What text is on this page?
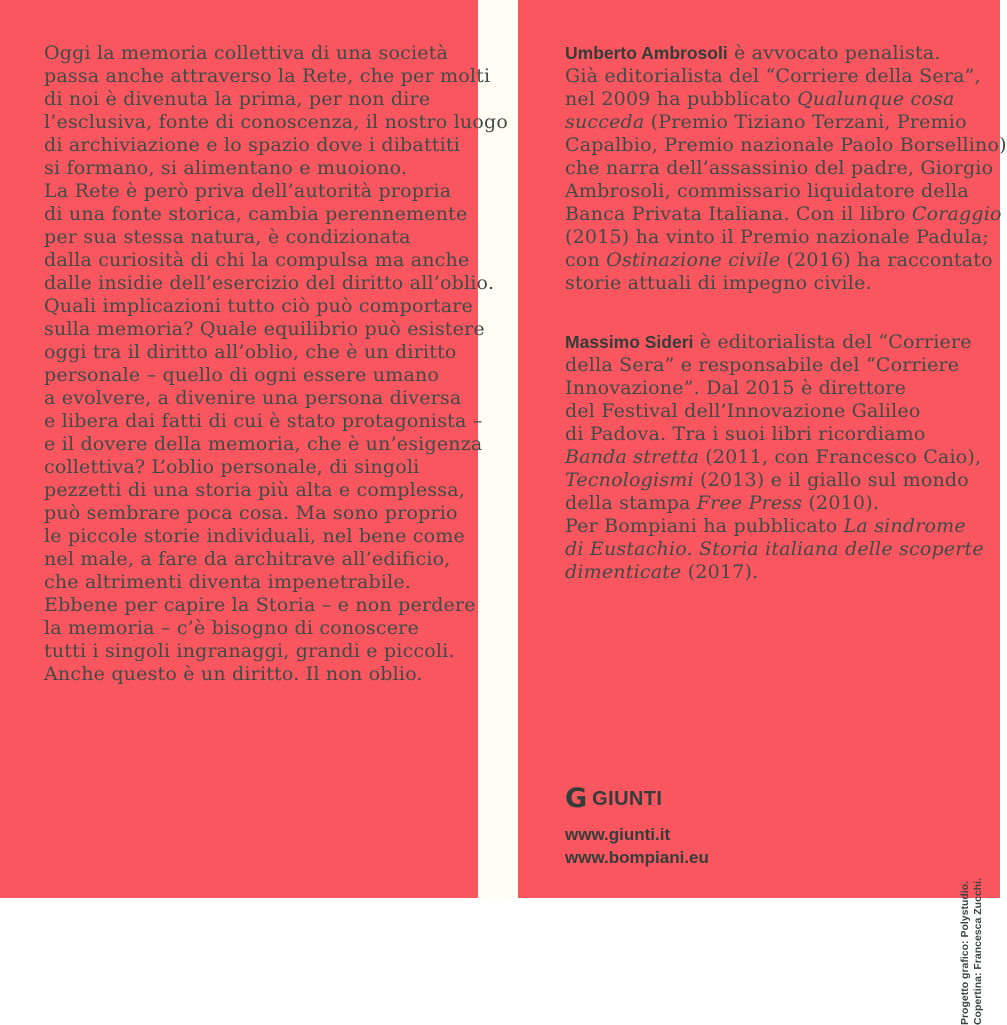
Oggi la memoria collettiva di una società
passa anche attraverso la Rete, che per molti
di noi è divenuta la prima, per non dire
l’esclusiva, fonte di conoscenza, il nostro luogo
di archiviazione e lo spazio dove i dibattiti
si formano, si alimentano e muoiono.
La Rete è però priva dell’autorità propria
di una fonte storica, cambia perennemente
per sua stessa natura, è condizionata
dalla curiosità di chi la compulsa ma anche
dalle insidie dell’esercizio del diritto all’oblio.
Quali implicazioni tutto ciò può comportare
sulla memoria? Quale equilibrio può esistere
oggi tra il diritto all’oblio, che è un diritto
personale – quello di ogni essere umano
a evolvere, a divenire una persona diversa
e libera dai fatti di cui è stato protagonista –
e il dovere della memoria, che è un’esigenza
collettiva? L’oblio personale, di singoli
pezzetti di una storia più alta e complessa,
può sembrare poca cosa. Ma sono proprio
le piccole storie individuali, nel bene come
nel male, a fare da architrave all’edificio,
che altrimenti diventa impenetrabile.
Ebbene per capire la Storia – e non perdere
la memoria – c’è bisogno di conoscere
tutti i singoli ingranaggi, grandi e piccoli.
Anche questo è un diritto. Il non oblio.
Umberto Ambrosoli è avvocato penalista.
Già editorialista del “Corriere della Sera”,
nel 2009 ha pubblicato Qualunque cosa
succeda (Premio Tiziano Terzani, Premio
Capalbio, Premio nazionale Paolo Borsellino)
che narra dell’assassinio del padre, Giorgio
Ambrosoli, commissario liquidatore della
Banca Privata Italiana. Con il libro Coraggio
(2015) ha vinto il Premio nazionale Padula;
con Ostinazione civile (2016) ha raccontato
storie attuali di impegno civile.
Massimo Sideri è editorialista del “Corriere
della Sera” e responsabile del “Corriere
Innovazione”. Dal 2015 è direttore
del Festival dell’Innovazione Galileo
di Padova. Tra i suoi libri ricordiamo
Banda stretta (2011, con Francesco Caio),
Tecnologismi (2013) e il giallo sul mondo
della stampa Free Press (2010).
Per Bompiani ha pubblicato La sindrome
di Eustachio. Storia italiana delle scoperte
dimenticate (2017).
G GIUNTI
www.giunti.it
www.bompiani.eu
Progetto grafico: Polystudio. Copertina: Francesca Zucchi.
